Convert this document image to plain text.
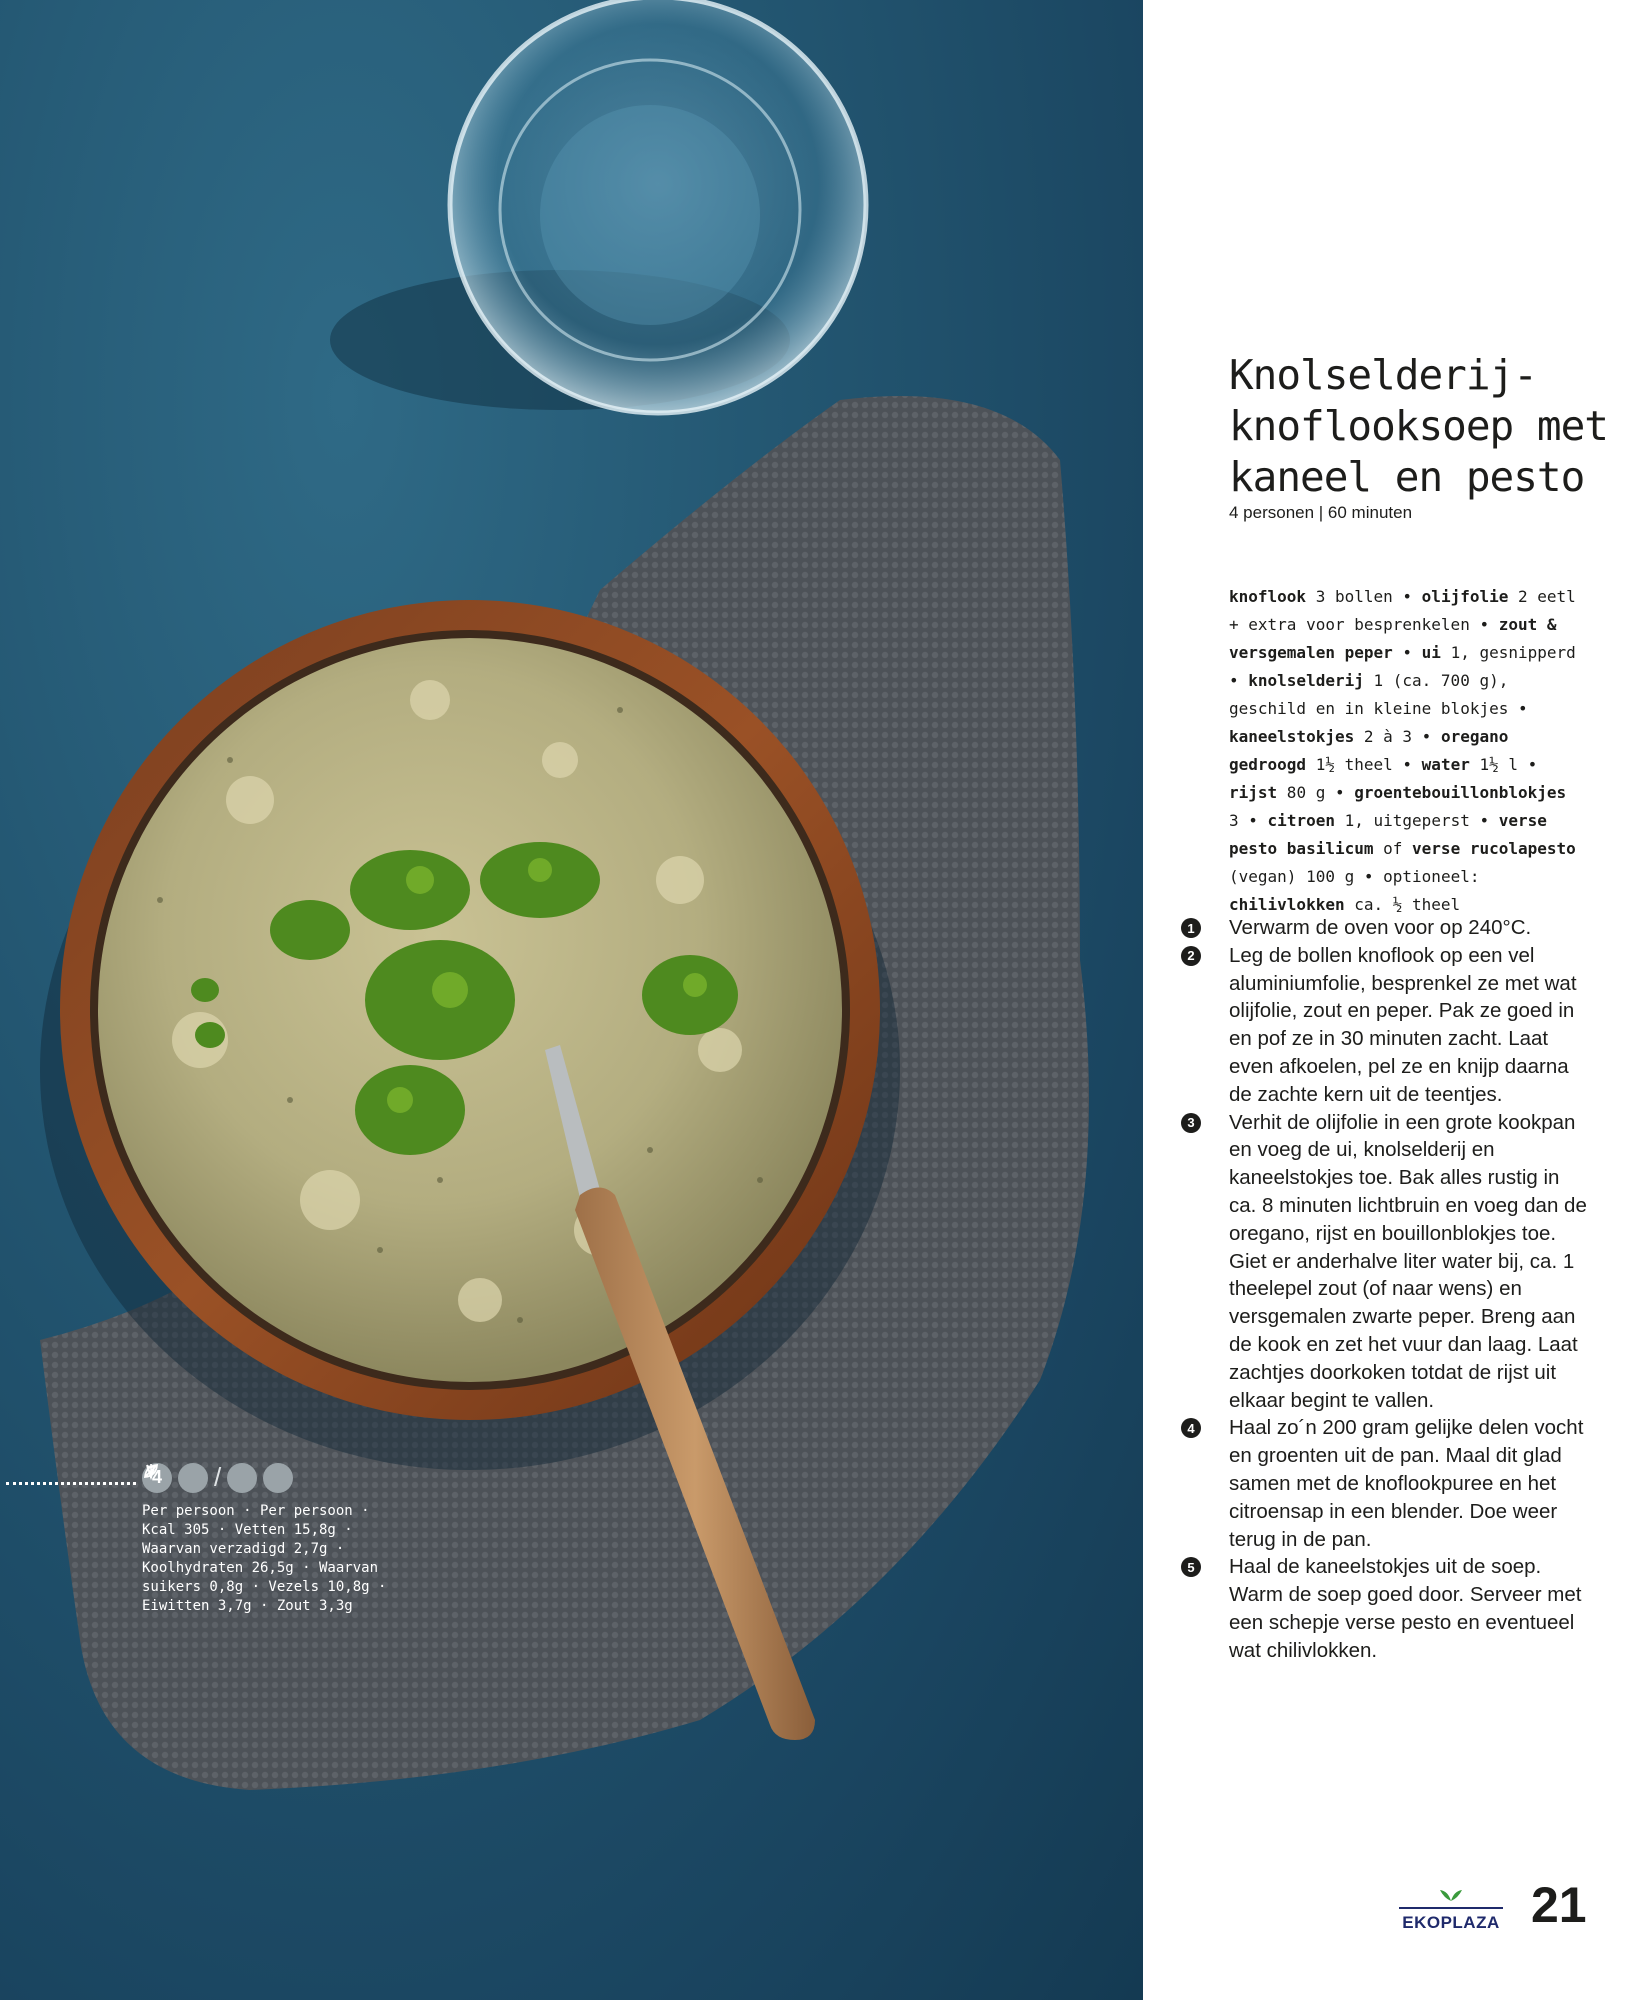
4	/
Per persoon · Per persoon · Kcal 305 · Vetten 15,8g · Waarvan verzadigd 2,7g · Koolhydraten 26,5g · Waarvan suikers 0,8g · Vezels 10,8g · Eiwitten 3,7g · Zout 3,3g
Knolselderij-knoflooksoep met kaneel en pesto
4 personen | 60 minuten
knoflook 3 bollen • olijfolie 2 eetl + extra voor besprenkelen • zout & versgemalen peper • ui 1, gesnipperd • knolselderij 1 (ca. 700 g), geschild en in kleine blokjes • kaneelstokjes 2 à 3 • oregano gedroogd 1½ theel • water 1½ l • rijst 80 g • groentebouillonblokjes 3 • citroen 1, uitgeperst • verse pesto basilicum of verse rucolapesto (vegan) 100 g • optioneel: chilivlokken ca. ½ theel
1	Verwarm de oven voor op 240°C.
2	Leg de bollen knoflook op een vel aluminiumfolie, besprenkel ze met wat olijfolie, zout en peper. Pak ze goed in en pof ze in 30 minuten zacht. Laat even afkoelen, pel ze en knijp daarna de zachte kern uit de teentjes.
3	Verhit de olijfolie in een grote kookpan en voeg de ui, knolselderij en kaneelstokjes toe. Bak alles rustig in ca. 8 minuten lichtbruin en voeg dan de oregano, rijst en bouillonblokjes toe. Giet er anderhalve liter water bij, ca. 1 theelepel zout (of naar wens) en versgemalen zwarte peper. Breng aan de kook en zet het vuur dan laag. Laat zachtjes doorkoken totdat de rijst uit elkaar begint te vallen.
4	Haal zo´n 200 gram gelijke delen vocht en groenten uit de pan. Maal dit glad samen met de knoflookpuree en het citroensap in een blender. Doe weer terug in de pan.
5	Haal de kaneelstokjes uit de soep. Warm de soep goed door. Serveer met een schepje verse pesto en eventueel wat chilivlokken.
EKOPLAZA 21
